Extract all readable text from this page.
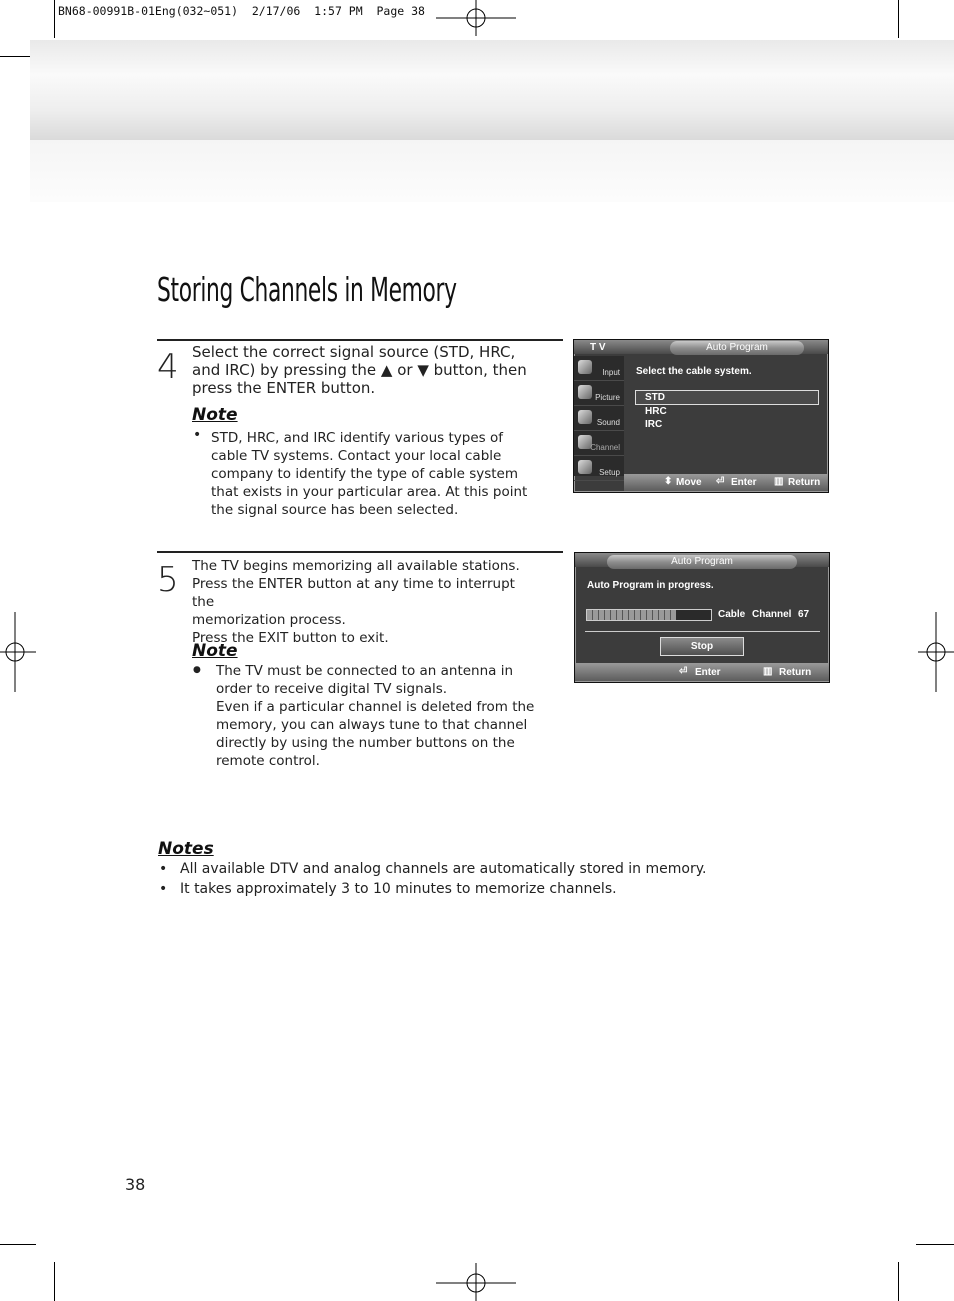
BN68-00991B-01Eng(032~051)  2/17/06  1:57 PM  Page 38
Storing Channels in Memory
4 Select the correct signal source (STD, HRC, and IRC) by pressing the ▲ or ▼ button, then press the ENTER button.
Note
• STD, HRC, and IRC identify various types of cable TV systems. Contact your local cable company to identify the type of cable system that exists in your particular area. At this point the signal source has been selected.
T V	Auto Program
Input
Picture
Sound
Channel
Setup
Select the cable system.
STD
HRC
IRC
⬍ Move ⏎ Enter ▥ Return
5 The TV begins memorizing all available stations.
Press the ENTER button at any time to interrupt the
memorization process.
Press the EXIT button to exit.
Note
● The TV must be connected to an antenna in
order to receive digital TV signals.
Even if a particular channel is deleted from the
memory, you can always tune to that channel
directly by using the number buttons on the
remote control.
Auto Program
Auto Program in progress.
Cable Channel 67
Stop
⏎ Enter	▥ Return
Notes
• All available DTV and analog channels are automatically stored in memory.
• It takes approximately 3 to 10 minutes to memorize channels.
38
